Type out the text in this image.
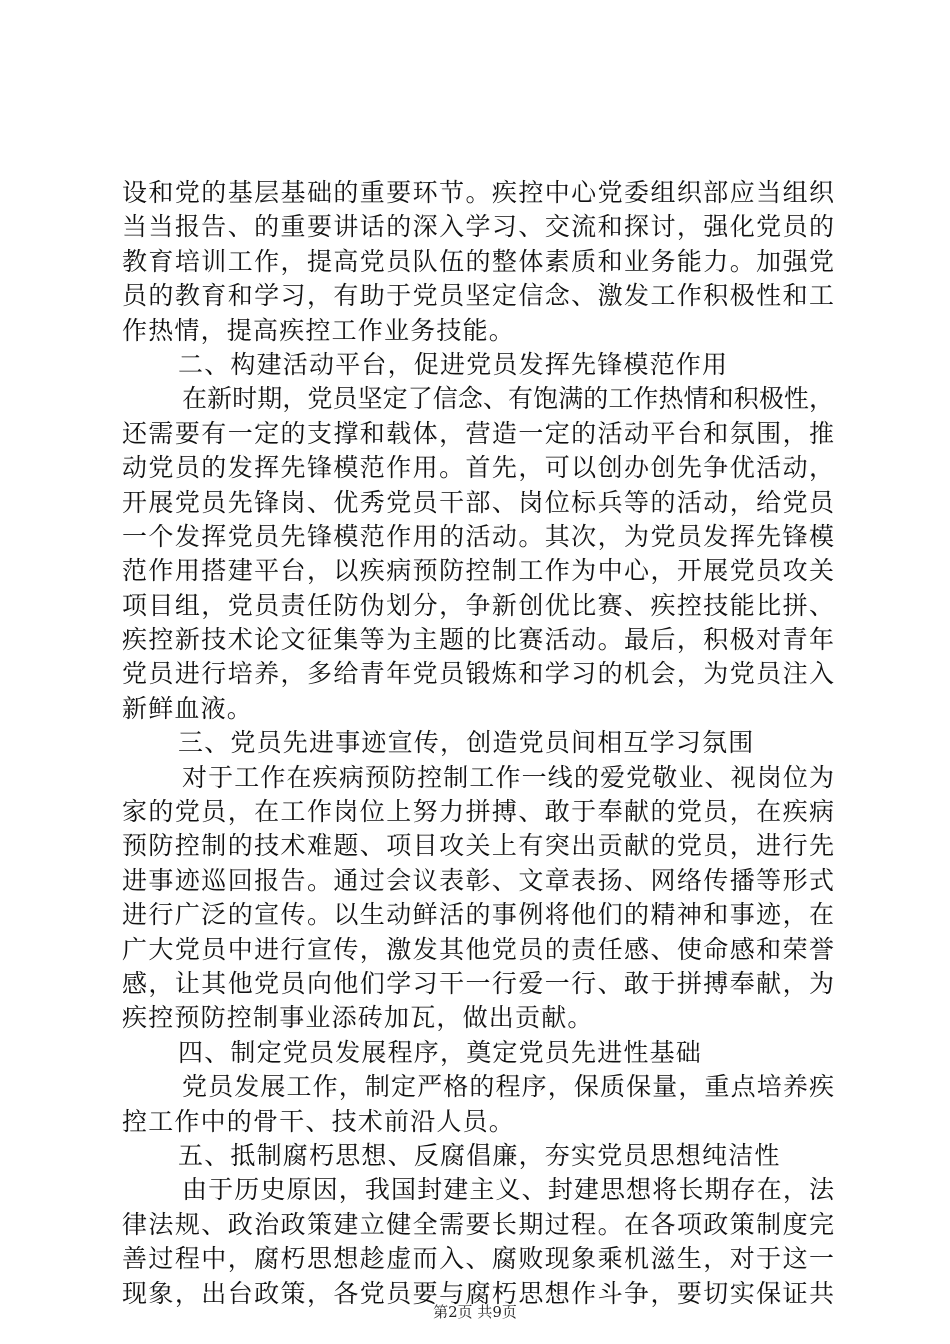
设和党的基层基础的重要环节。疾控中心党委组织部应当组织
当当报告、的重要讲话的深入学习、交流和探讨，强化党员的
教育培训工作，提高党员队伍的整体素质和业务能力。加强党
员的教育和学习，有助于党员坚定信念、激发工作积极性和工
作热情，提高疾控工作业务技能。
二、构建活动平台，促进党员发挥先锋模范作用
在新时期，党员坚定了信念、有饱满的工作热情和积极性，
还需要有一定的支撑和载体，营造一定的活动平台和氛围，推
动党员的发挥先锋模范作用。首先，可以创办创先争优活动，
开展党员先锋岗、优秀党员干部、岗位标兵等的活动，给党员
一个发挥党员先锋模范作用的活动。其次，为党员发挥先锋模
范作用搭建平台，以疾病预防控制工作为中心，开展党员攻关
项目组，党员责任防伪划分，争新创优比赛、疾控技能比拼、
疾控新技术论文征集等为主题的比赛活动。最后，积极对青年
党员进行培养，多给青年党员锻炼和学习的机会，为党员注入
新鲜血液。
三、党员先进事迹宣传，创造党员间相互学习氛围
对于工作在疾病预防控制工作一线的爱党敬业、视岗位为
家的党员，在工作岗位上努力拼搏、敢于奉献的党员，在疾病
预防控制的技术难题、项目攻关上有突出贡献的党员，进行先
进事迹巡回报告。通过会议表彰、文章表扬、网络传播等形式
进行广泛的宣传。以生动鲜活的事例将他们的精神和事迹，在
广大党员中进行宣传，激发其他党员的责任感、使命感和荣誉
感，让其他党员向他们学习干一行爱一行、敢于拼搏奉献，为
疾控预防控制事业添砖加瓦，做出贡献。
四、制定党员发展程序，奠定党员先进性基础
党员发展工作，制定严格的程序，保质保量，重点培养疾
控工作中的骨干、技术前沿人员。
五、抵制腐朽思想、反腐倡廉，夯实党员思想纯洁性
由于历史原因，我国封建主义、封建思想将长期存在，法
律法规、政治政策建立健全需要长期过程。在各项政策制度完
善过程中，腐朽思想趁虚而入、腐败现象乘机滋生，对于这一
现象，出台政策，各党员要与腐朽思想作斗争，要切实保证共
第2页 共9页
